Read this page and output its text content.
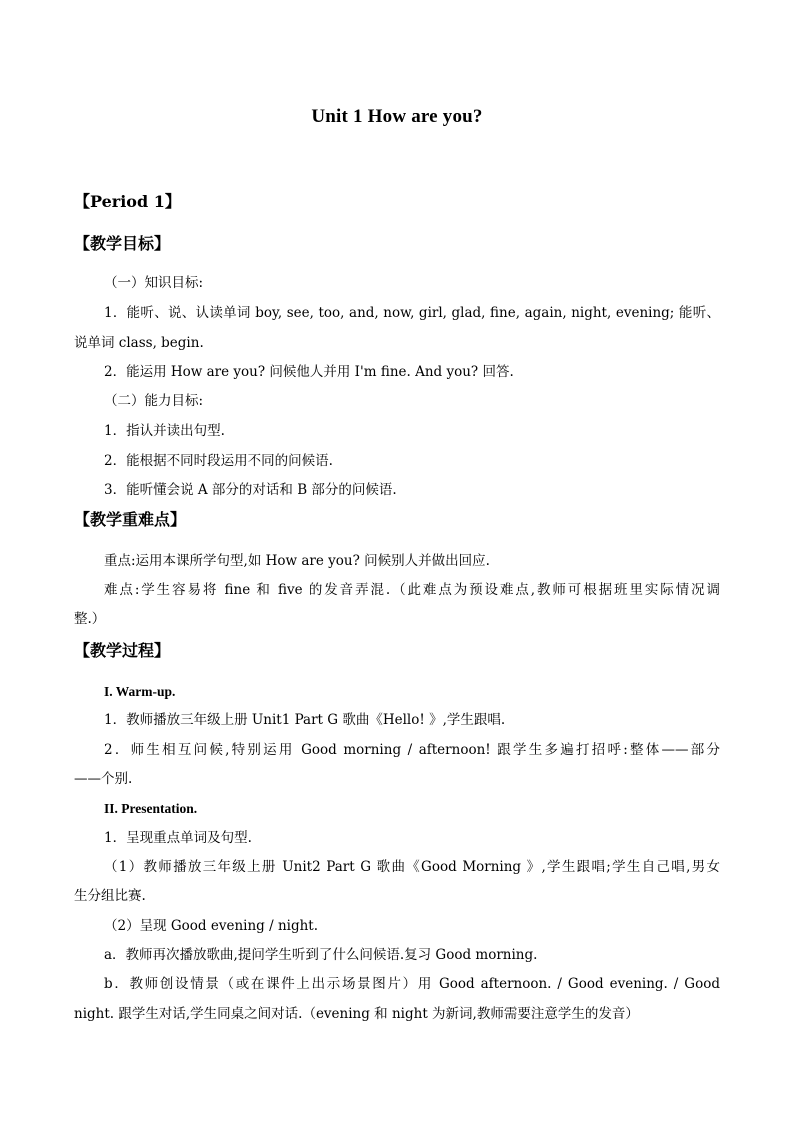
Unit 1 How are you?
【Period 1】
【教学目标】
（一）知识目标:
1．能听、说、认读单词 boy, see, too, and, now, girl, glad, fine, again, night, evening; 能听、
说单词 class, begin.
2．能运用 How are you? 问候他人并用 I'm fine. And you? 回答.
（二）能力目标:
1．指认并读出句型.
2．能根据不同时段运用不同的问候语.
3．能听懂会说 A 部分的对话和 B 部分的问候语.
【教学重难点】
重点:运用本课所学句型,如 How are you? 问候别人并做出回应.
难点:学生容易将 fine 和 five 的发音弄混.（此难点为预设难点,教师可根据班里实际情况调
整.）
【教学过程】
I. Warm-up.
1．教师播放三年级上册 Unit1 Part G 歌曲《Hello! 》,学生跟唱.
2．师生相互问候,特别运用 Good morning / afternoon! 跟学生多遍打招呼:整体——部分
——个别.
II. Presentation.
1．呈现重点单词及句型.
（1）教师播放三年级上册 Unit2 Part G 歌曲《Good Morning 》,学生跟唱;学生自己唱,男女
生分组比赛.
（2）呈现 Good evening / night.
a．教师再次播放歌曲,提问学生听到了什么问候语.复习 Good morning.
b．教师创设情景（或在课件上出示场景图片）用 Good afternoon. / Good evening. / Good
night. 跟学生对话,学生同桌之间对话.（evening 和 night 为新词,教师需要注意学生的发音）
